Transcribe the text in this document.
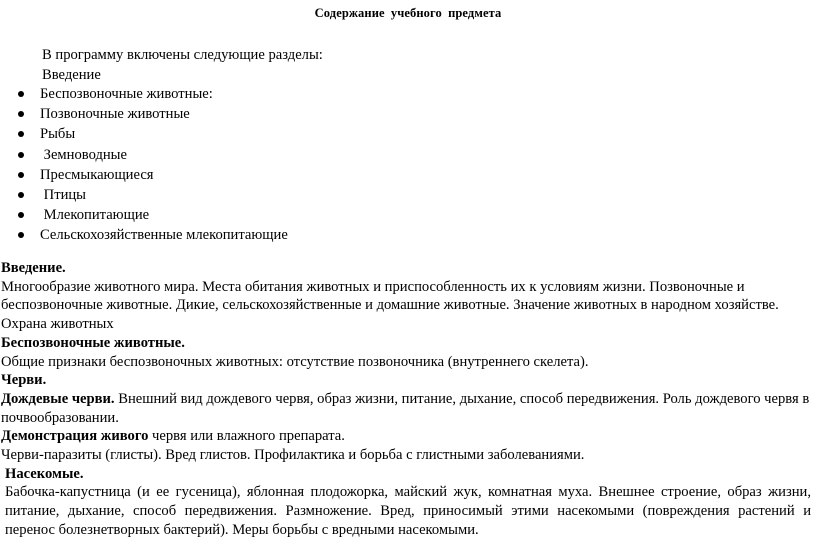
Содержание учебного предмета
В программу включены следующие разделы:
Введение
Беспозвоночные животные:
Позвоночные животные
Рыбы
Земноводные
Пресмыкающиеся
Птицы
Млекопитающие
Сельскохозяйственные млекопитающие

Введение.

Многообразие животного мира. Места обитания животных и приспособленность их к условиям жизни. Позвоночные и беспозвоночные животные. Дикие, сельскохозяйственные и домашние животные. Значение животных в народном хозяйстве. Охрана животных

Беспозвоночные животные.

Общие признаки беспозвоночных животных: отсутствие позвоночника (внутреннего скелета).

Черви.

Дождевые черви. Внешний вид дождевого червя, образ жизни, питание, дыхание, способ передвижения. Роль дождевого червя в почвообразовании.

Демонстрация живого червя или влажного препарата.

Черви-паразиты (глисты). Вред глистов. Профилактика и борьба с глистными заболеваниями.

Насекомые.

Бабочка-капустница (и ее гусеница), яблонная плодожорка, майский жук, комнатная муха. Внешнее строение, образ жизни, питание, дыхание, способ передвижения. Размножение. Вред, приносимый этими насекомыми (повреждения растений и перенос болезнетворных бактерий). Меры борьбы с вредными насекомыми.
